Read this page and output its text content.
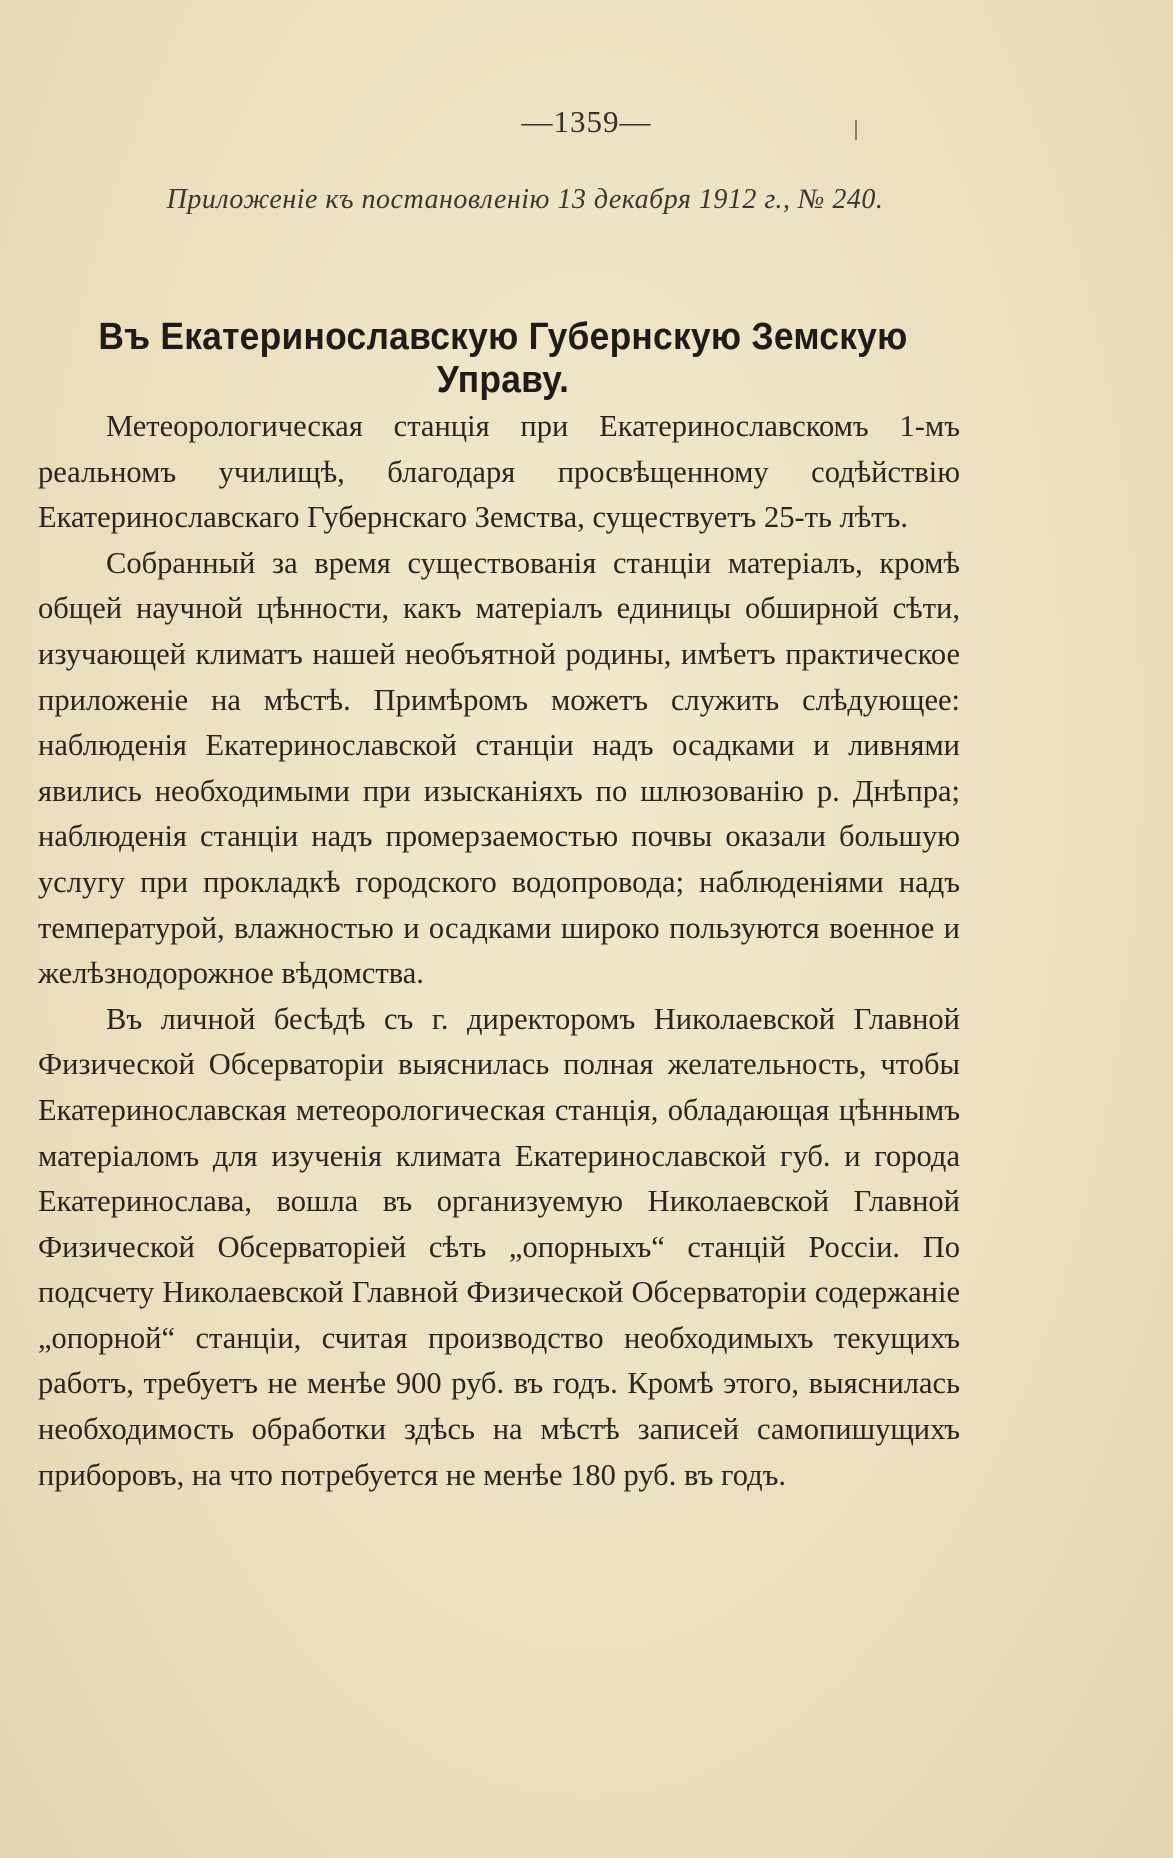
—1359—
Приложеніе къ постановленію 13 декабря 1912 г., № 240.
Въ Екатеринославскую Губернскую Земскую Управу.

Метеорологическая станція при Екатеринославскомъ 1-мъ реальномъ училищѣ, благодаря просвѣщенному содѣйствію Екатеринославскаго Губернскаго Земства, существуетъ 25-ть лѣтъ.

Собранный за время существованія станціи матеріалъ, кромѣ общей научной цѣнности, какъ матеріалъ единицы обширной сѣти, изучающей климатъ нашей необъятной родины, имѣетъ практическое приложеніе на мѣстѣ. Примѣромъ можетъ служить слѣдующее: наблюденія Екатеринославской станціи надъ осадками и ливнями явились необходимыми при изысканіяхъ по шлюзованію р. Днѣпра; наблюденія станціи надъ промерзаемостью почвы оказали большую услугу при прокладкѣ городского водопровода; наблюденіями надъ температурой, влажностью и осадками широко пользуются военное и желѣзнодорожное вѣдомства.

Въ личной бесѣдѣ съ г. директоромъ Николаевской Главной Физической Обсерваторіи выяснилась полная желательность, чтобы Екатеринославская метеорологическая станція, обладающая цѣннымъ матеріаломъ для изученія климата Екатеринославской губ. и города Екатеринослава, вошла въ организуемую Николаевской Главной Физической Обсерваторіей сѣть „опорныхъ“ станцій Россіи. По подсчету Николаевской Главной Физической Обсерваторіи содержаніе „опорной“ станціи, считая производство необходимыхъ текущихъ работъ, требуетъ не менѣе 900 руб. въ годъ. Кромѣ этого, выяснилась необходимость обработки здѣсь на мѣстѣ записей самопишущихъ приборовъ, на что потребуется не менѣе 180 руб. въ годъ.
